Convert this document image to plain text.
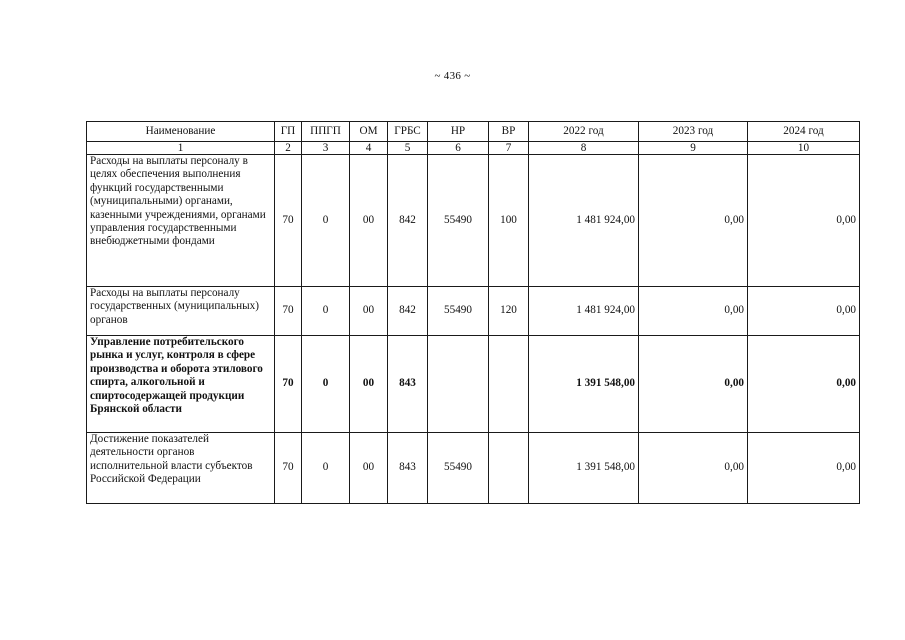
~ 436 ~
Наименование	ГП	ППГП	ОМ	ГРБС	НР	ВР	2022 год	2023 год	2024 год
1	2	3	4	5	6	7	8	9	10
Расходы на выплаты персоналу в целях обеспечения выполнения функций государственными (муниципальными) органами, казенными учреждениями, органами управления государственными внебюджетными фондами	70	0	00	842	55490	100	1 481 924,00	0,00	0,00
Расходы на выплаты персоналу государственных (муниципальных) органов	70	0	00	842	55490	120	1 481 924,00	0,00	0,00
Управление потребительского рынка и услуг, контроля в сфере производства и оборота этилового спирта, алкогольной и спиртосодержащей продукции Брянской области	70	0	00	843			1 391 548,00	0,00	0,00
Достижение показателей деятельности органов исполнительной власти субъектов Российской Федерации	70	0	00	843	55490		1 391 548,00	0,00	0,00
